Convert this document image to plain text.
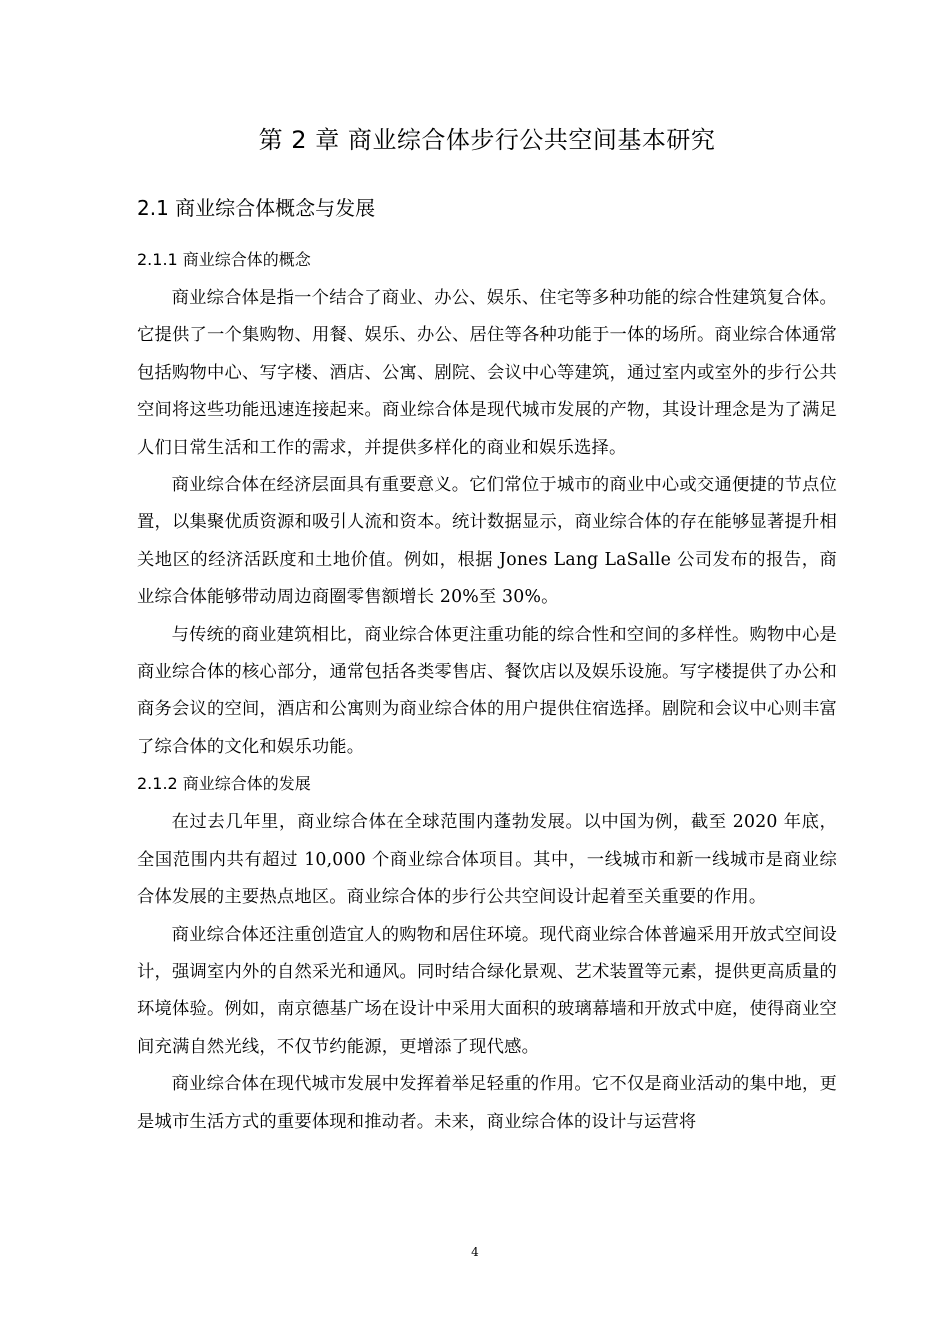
第 2 章 商业综合体步行公共空间基本研究
2.1 商业综合体概念与发展
2.1.1 商业综合体的概念

商业综合体是指一个结合了商业、办公、娱乐、住宅等多种功能的综合性建筑复合体。它提供了一个集购物、用餐、娱乐、办公、居住等各种功能于一体的场所。商业综合体通常包括购物中心、写字楼、酒店、公寓、剧院、会议中心等建筑，通过室内或室外的步行公共空间将这些功能迅速连接起来。商业综合体是现代城市发展的产物，其设计理念是为了满足人们日常生活和工作的需求，并提供多样化的商业和娱乐选择。

商业综合体在经济层面具有重要意义。它们常位于城市的商业中心或交通便捷的节点位置，以集聚优质资源和吸引人流和资本。统计数据显示，商业综合体的存在能够显著提升相关地区的经济活跃度和土地价值。例如，根据 Jones Lang LaSalle 公司发布的报告，商业综合体能够带动周边商圈零售额增长 20%至 30%。

与传统的商业建筑相比，商业综合体更注重功能的综合性和空间的多样性。购物中心是商业综合体的核心部分，通常包括各类零售店、餐饮店以及娱乐设施。写字楼提供了办公和商务会议的空间，酒店和公寓则为商业综合体的用户提供住宿选择。剧院和会议中心则丰富了综合体的文化和娱乐功能。

2.1.2 商业综合体的发展

在过去几年里，商业综合体在全球范围内蓬勃发展。以中国为例，截至 2020 年底，全国范围内共有超过 10,000 个商业综合体项目。其中，一线城市和新一线城市是商业综合体发展的主要热点地区。商业综合体的步行公共空间设计起着至关重要的作用。

商业综合体还注重创造宜人的购物和居住环境。现代商业综合体普遍采用开放式空间设计，强调室内外的自然采光和通风。同时结合绿化景观、艺术装置等元素，提供更高质量的环境体验。例如，南京德基广场在设计中采用大面积的玻璃幕墙和开放式中庭，使得商业空间充满自然光线，不仅节约能源，更增添了现代感。

商业综合体在现代城市发展中发挥着举足轻重的作用。它不仅是商业活动的集中地，更是城市生活方式的重要体现和推动者。未来，商业综合体的设计与运营将

4
